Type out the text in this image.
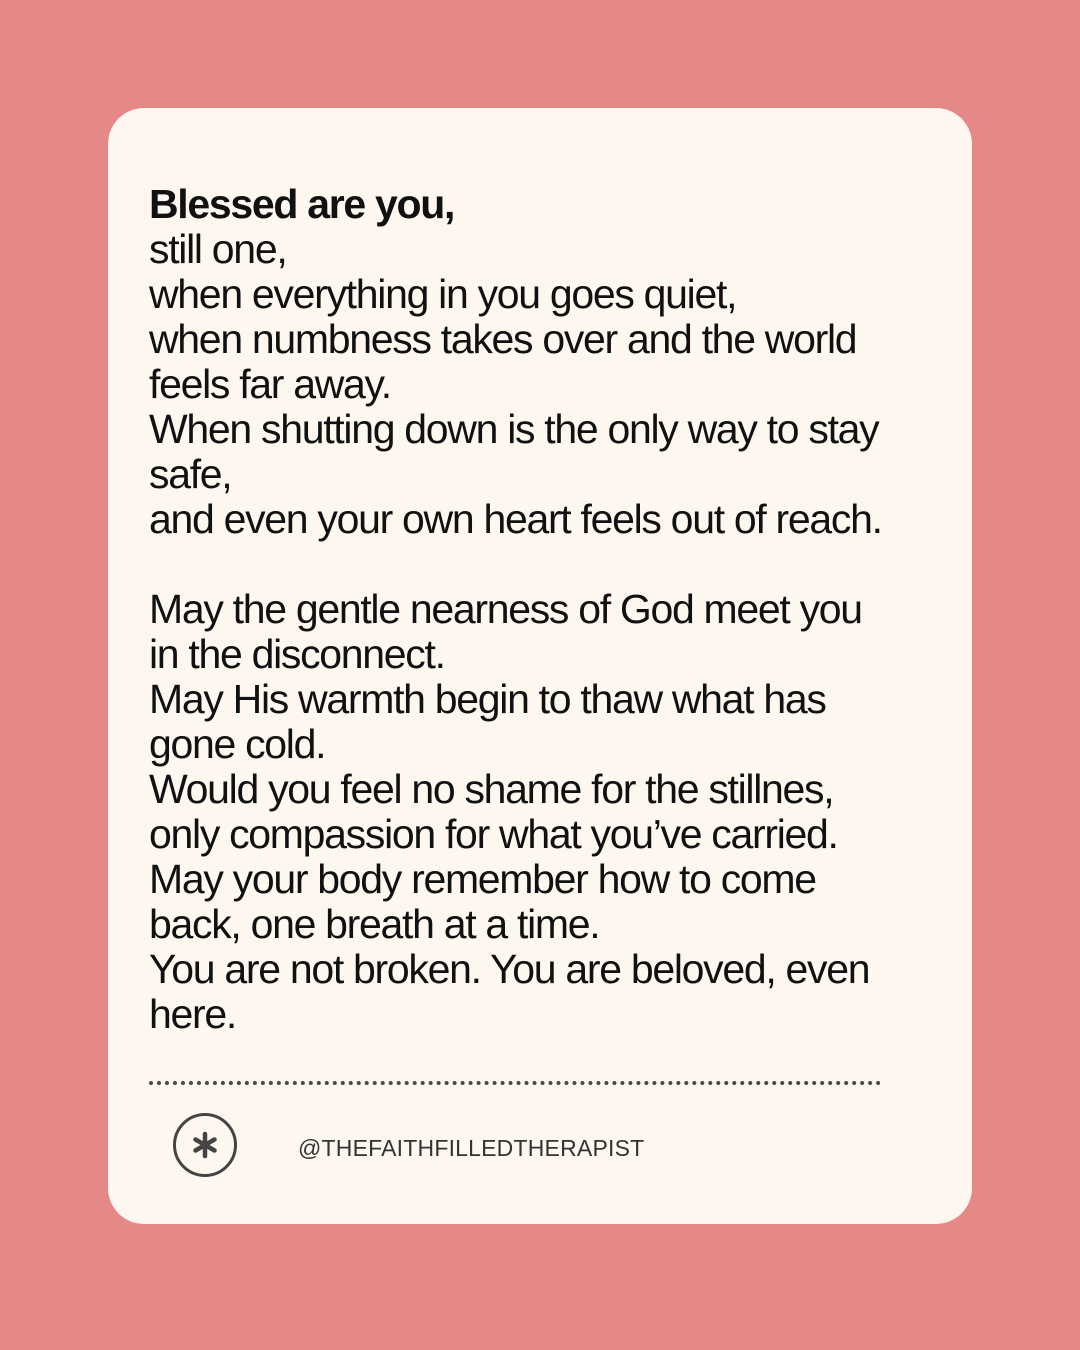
Blessed are you,
still one,
when everything in you goes quiet,
when numbness takes over and the world
feels far away.
When shutting down is the only way to stay
safe,
and even your own heart feels out of reach.
May the gentle nearness of God meet you
in the disconnect.
May His warmth begin to thaw what has
gone cold.
Would you feel no shame for the stillnes,
only compassion for what you’ve carried.
May your body remember how to come
back, one breath at a time.
You are not broken. You are beloved, even
here.
@THEFAITHFILLEDTHERAPIST
